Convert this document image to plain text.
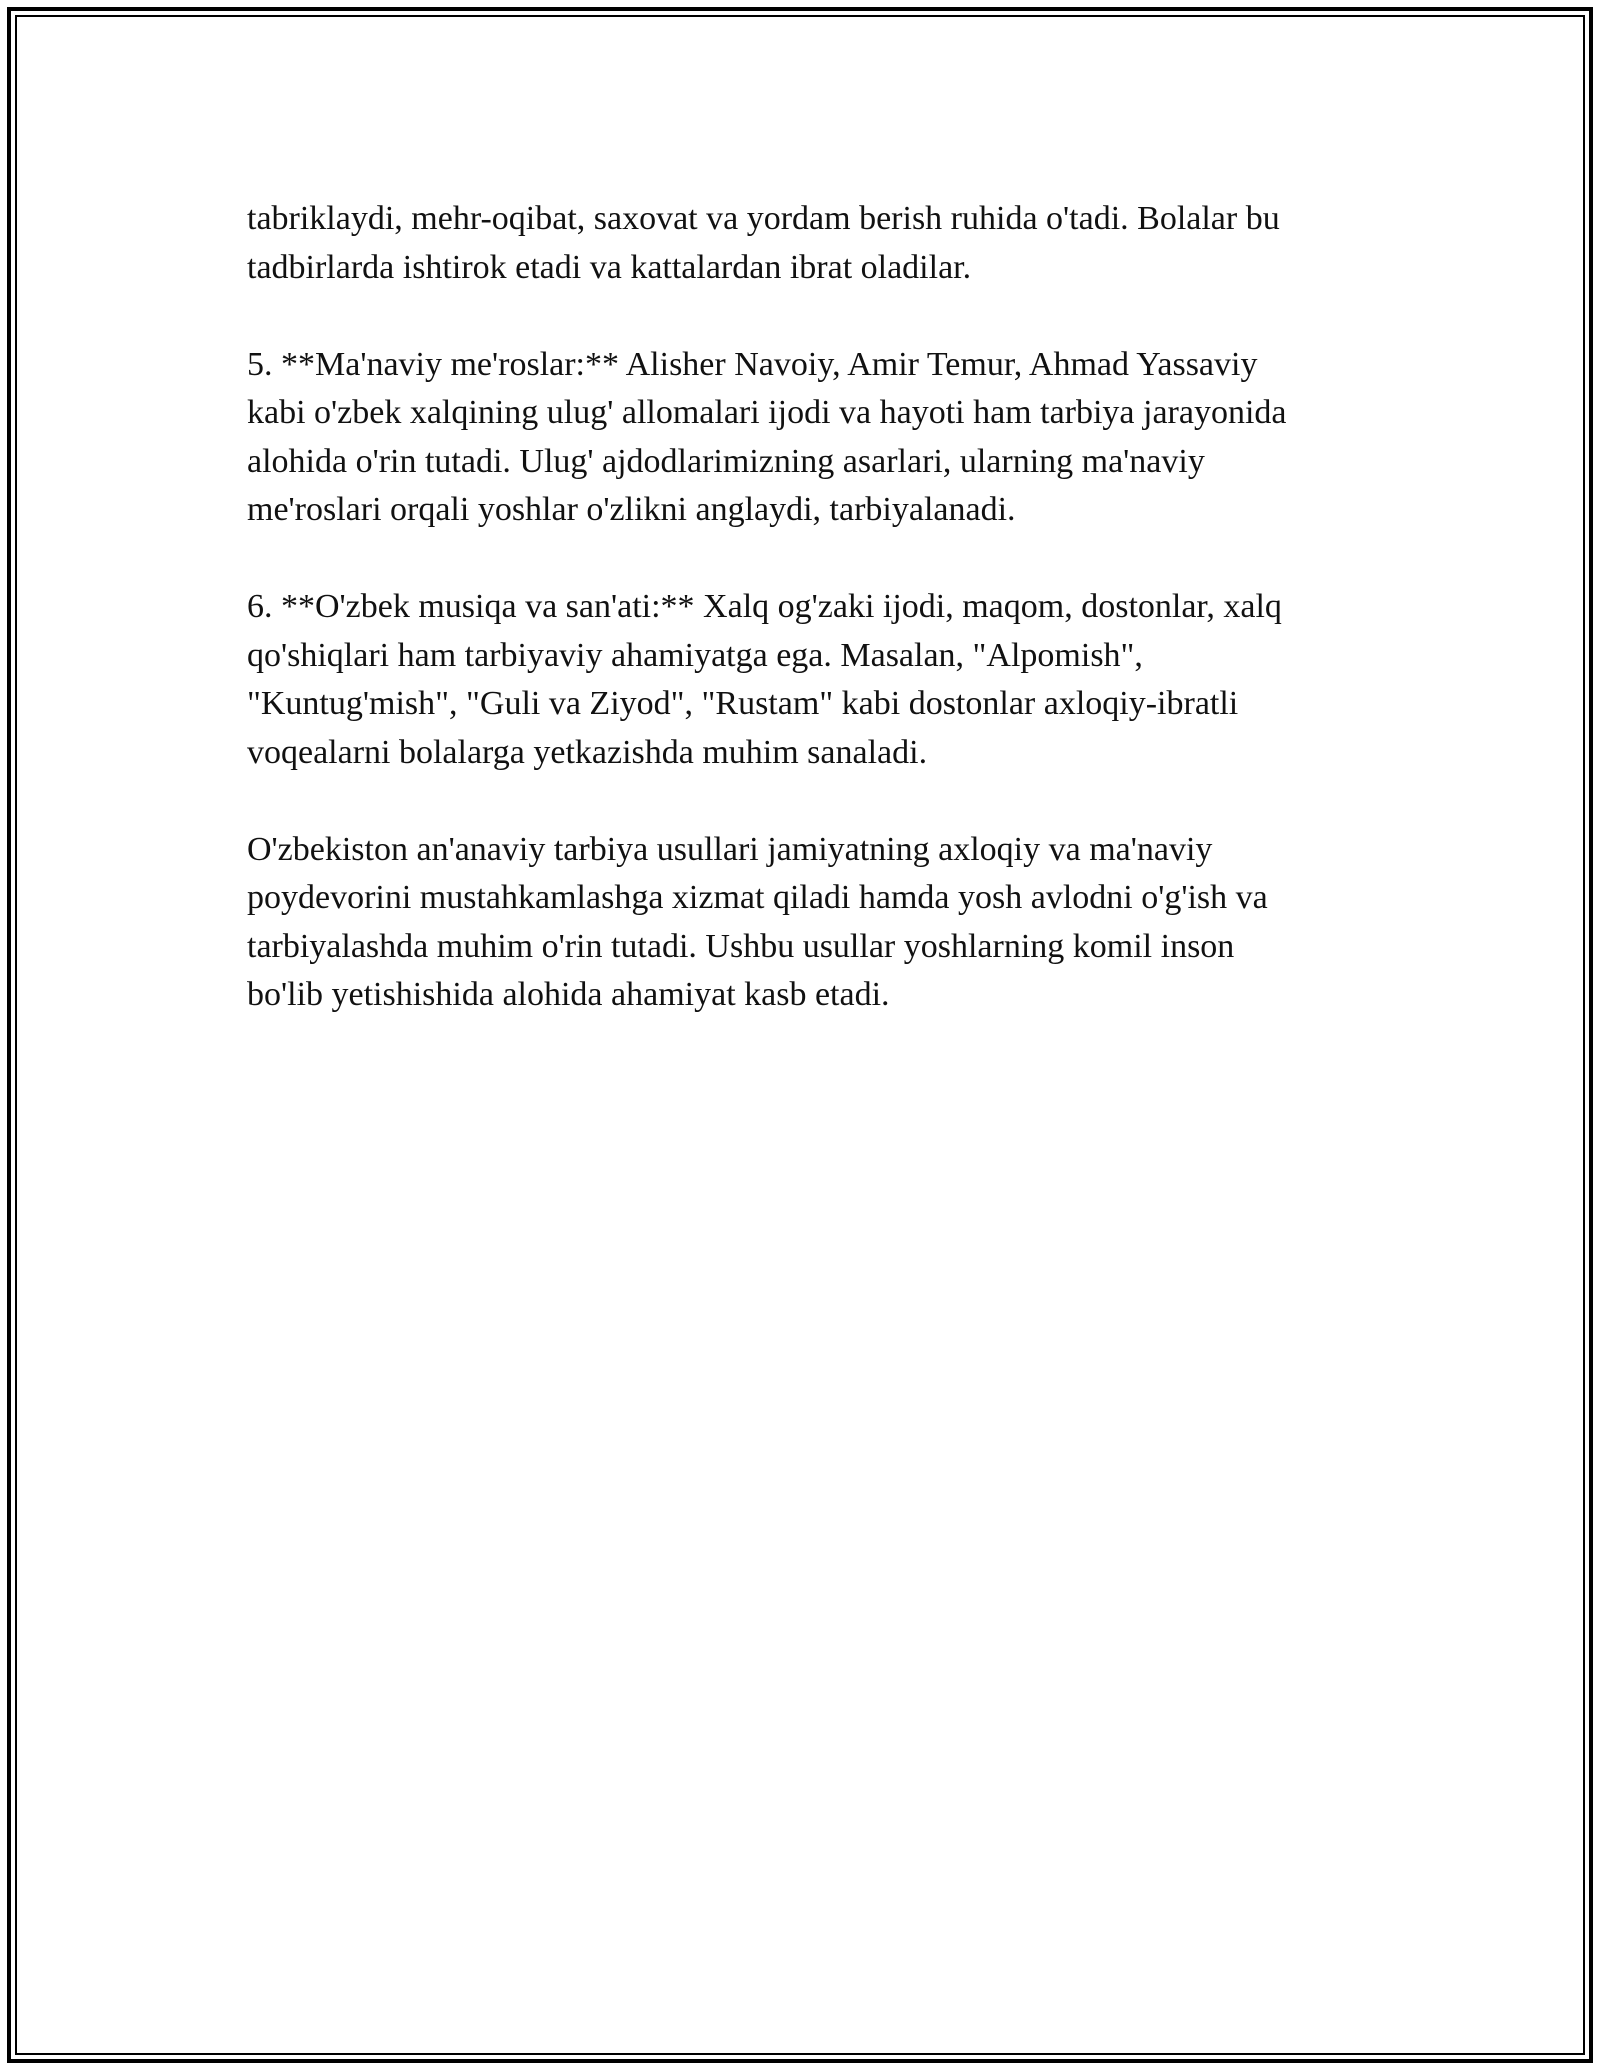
tabriklaydi, mehr-oqibat, saxovat va yordam berish ruhida o'tadi. Bolalar bu
tadbirlarda ishtirok etadi va kattalardan ibrat oladilar.
5. **Ma'naviy me'roslar:** Alisher Navoiy, Amir Temur, Ahmad Yassaviy
kabi o'zbek xalqining ulug' allomalari ijodi va hayoti ham tarbiya jarayonida
alohida o'rin tutadi. Ulug' ajdodlarimizning asarlari, ularning ma'naviy
me'roslari orqali yoshlar o'zlikni anglaydi, tarbiyalanadi.
6. **O'zbek musiqa va san'ati:** Xalq og'zaki ijodi, maqom, dostonlar, xalq
qo'shiqlari ham tarbiyaviy ahamiyatga ega. Masalan, "Alpomish",
"Kuntug'mish", "Guli va Ziyod", "Rustam" kabi dostonlar axloqiy-ibratli
voqealarni bolalarga yetkazishda muhim sanaladi.
O'zbekiston an'anaviy tarbiya usullari jamiyatning axloqiy va ma'naviy
poydevorini mustahkamlashga xizmat qiladi hamda yosh avlodni o'g'ish va
tarbiyalashda muhim o'rin tutadi. Ushbu usullar yoshlarning komil inson
bo'lib yetishishida alohida ahamiyat kasb etadi.
